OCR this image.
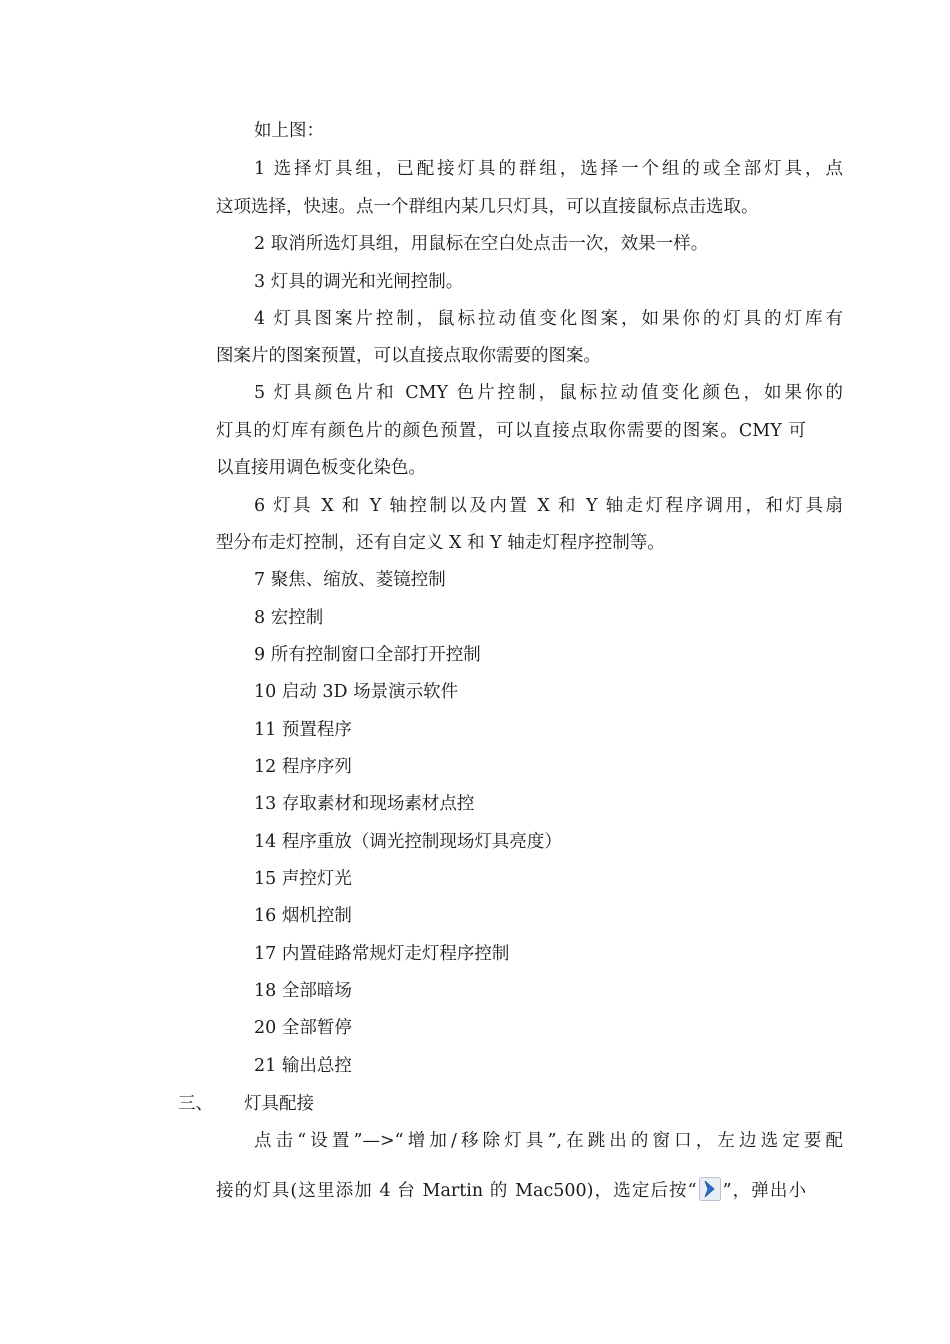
如上图：
1 选择灯具组，已配接灯具的群组，选择一个组的或全部灯具，点
这项选择，快速。点一个群组内某几只灯具，可以直接鼠标点击选取。
2 取消所选灯具组，用鼠标在空白处点击一次，效果一样。
3 灯具的调光和光闸控制。
4 灯具图案片控制，鼠标拉动值变化图案，如果你的灯具的灯库有
图案片的图案预置，可以直接点取你需要的图案。
5 灯具颜色片和 CMY 色片控制，鼠标拉动值变化颜色，如果你的
灯具的灯库有颜色片的颜色预置，可以直接点取你需要的图案。CMY 可
以直接用调色板变化染色。
6 灯具 X 和 Y 轴控制以及内置 X 和 Y 轴走灯程序调用，和灯具扇
型分布走灯控制，还有自定义 X 和 Y 轴走灯程序控制等。
7 聚焦、缩放、菱镜控制
8 宏控制
9 所有控制窗口全部打开控制
10 启动 3D 场景演示软件
11 预置程序
12 程序序列
13 存取素材和现场素材点控
14 程序重放（调光控制现场灯具亮度）
15 声控灯光
16 烟机控制
17 内置硅路常规灯走灯程序控制
18 全部暗场
20 全部暂停
21 输出总控
三、 灯具配接
点击“设置”—>“增加/移除灯具”,在跳出的窗口，左边选定要配
接的灯具(这里添加 4 台 Martin 的 Mac500)，选定后按“ ”，弹出小
